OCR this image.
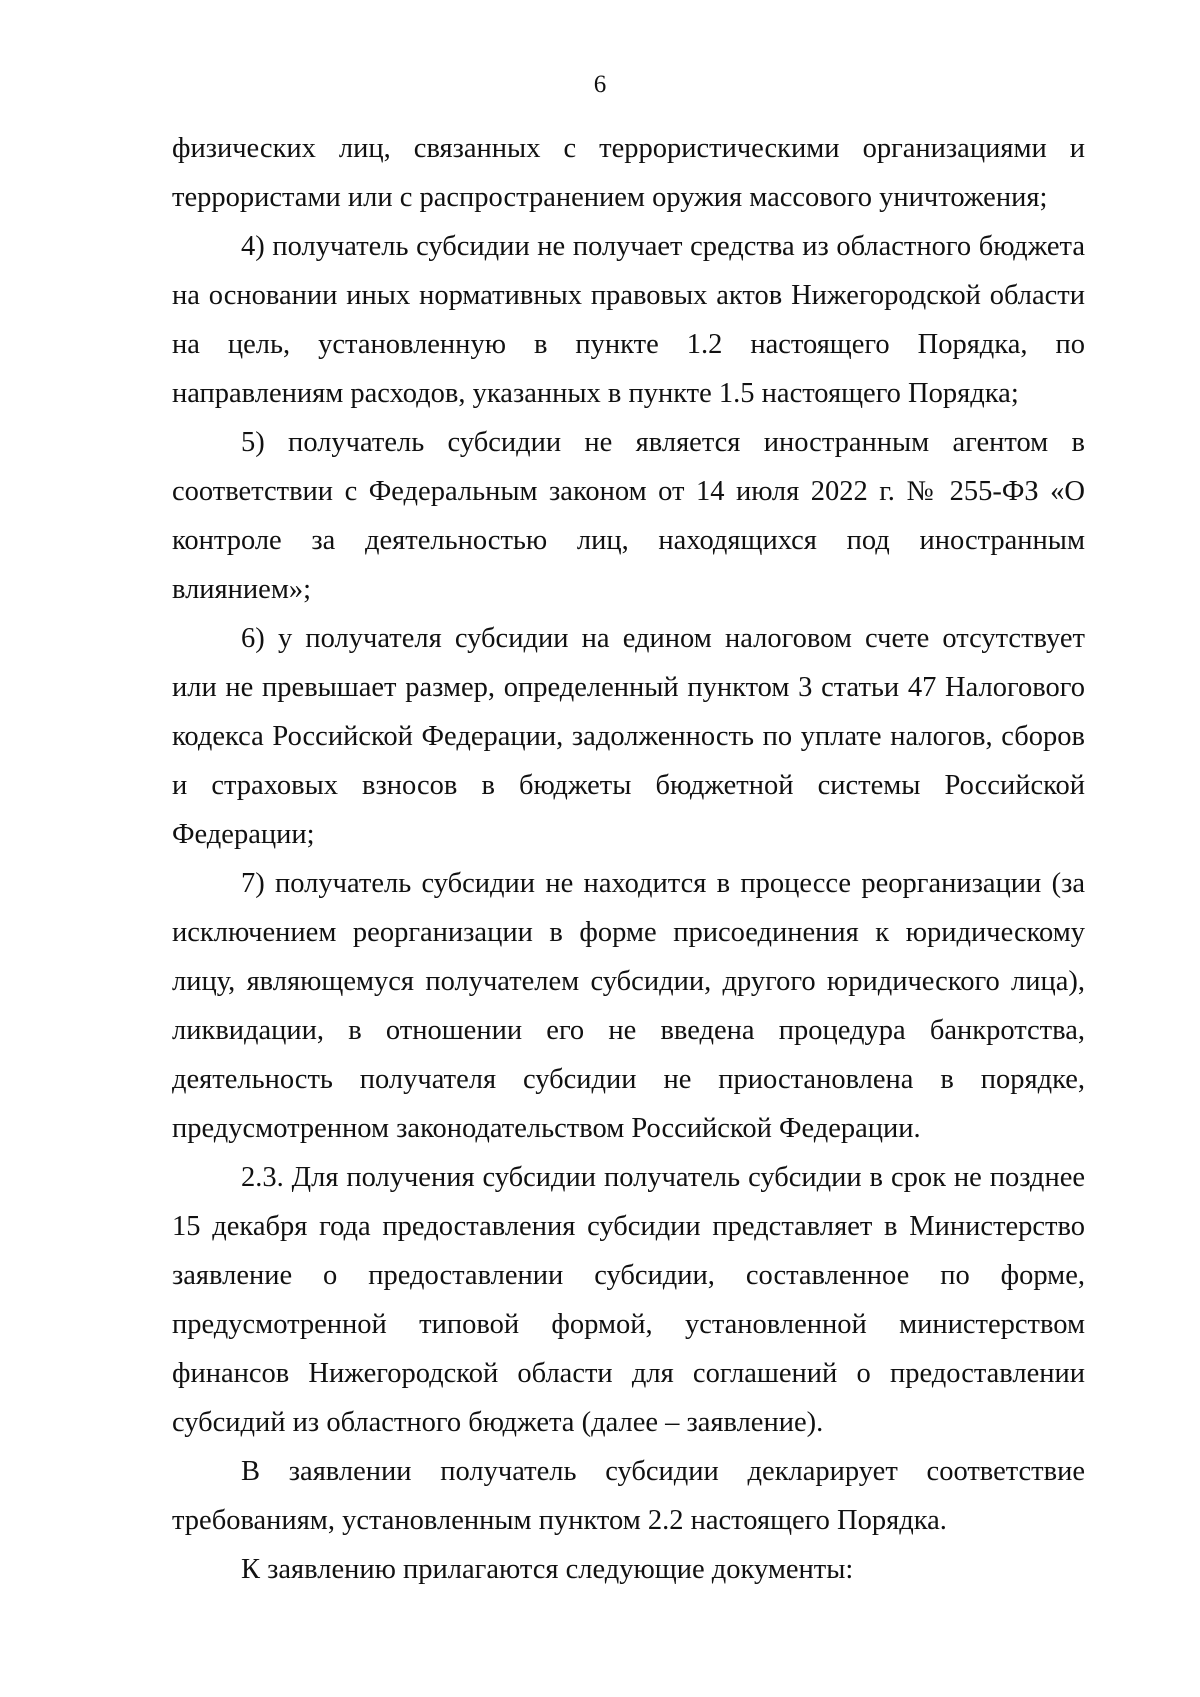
6

физических лиц, связанных с террористическими организациями и террористами или с распространением оружия массового уничтожения;

4) получатель субсидии не получает средства из областного бюджета на основании иных нормативных правовых актов Нижегородской области на цель, установленную в пункте 1.2 настоящего Порядка, по направлениям расходов, указанных в пункте 1.5 настоящего Порядка;

5) получатель субсидии не является иностранным агентом в соответствии с Федеральным законом от 14 июля 2022 г. № 255-ФЗ «О контроле за деятельностью лиц, находящихся под иностранным влиянием»;

6) у получателя субсидии на едином налоговом счете отсутствует или не превышает размер, определенный пунктом 3 статьи 47 Налогового кодекса Российской Федерации, задолженность по уплате налогов, сборов и страховых взносов в бюджеты бюджетной системы Российской Федерации;

7) получатель субсидии не находится в процессе реорганизации (за исключением реорганизации в форме присоединения к юридическому лицу, являющемуся получателем субсидии, другого юридического лица), ликвидации, в отношении его не введена процедура банкротства, деятельность получателя субсидии не приостановлена в порядке, предусмотренном законодательством Российской Федерации.

2.3. Для получения субсидии получатель субсидии в срок не позднее 15 декабря года предоставления субсидии представляет в Министерство заявление о предоставлении субсидии, составленное по форме, предусмотренной типовой формой, установленной министерством финансов Нижегородской области для соглашений о предоставлении субсидий из областного бюджета (далее – заявление).

В заявлении получатель субсидии декларирует соответствие требованиям, установленным пунктом 2.2 настоящего Порядка.

К заявлению прилагаются следующие документы:
